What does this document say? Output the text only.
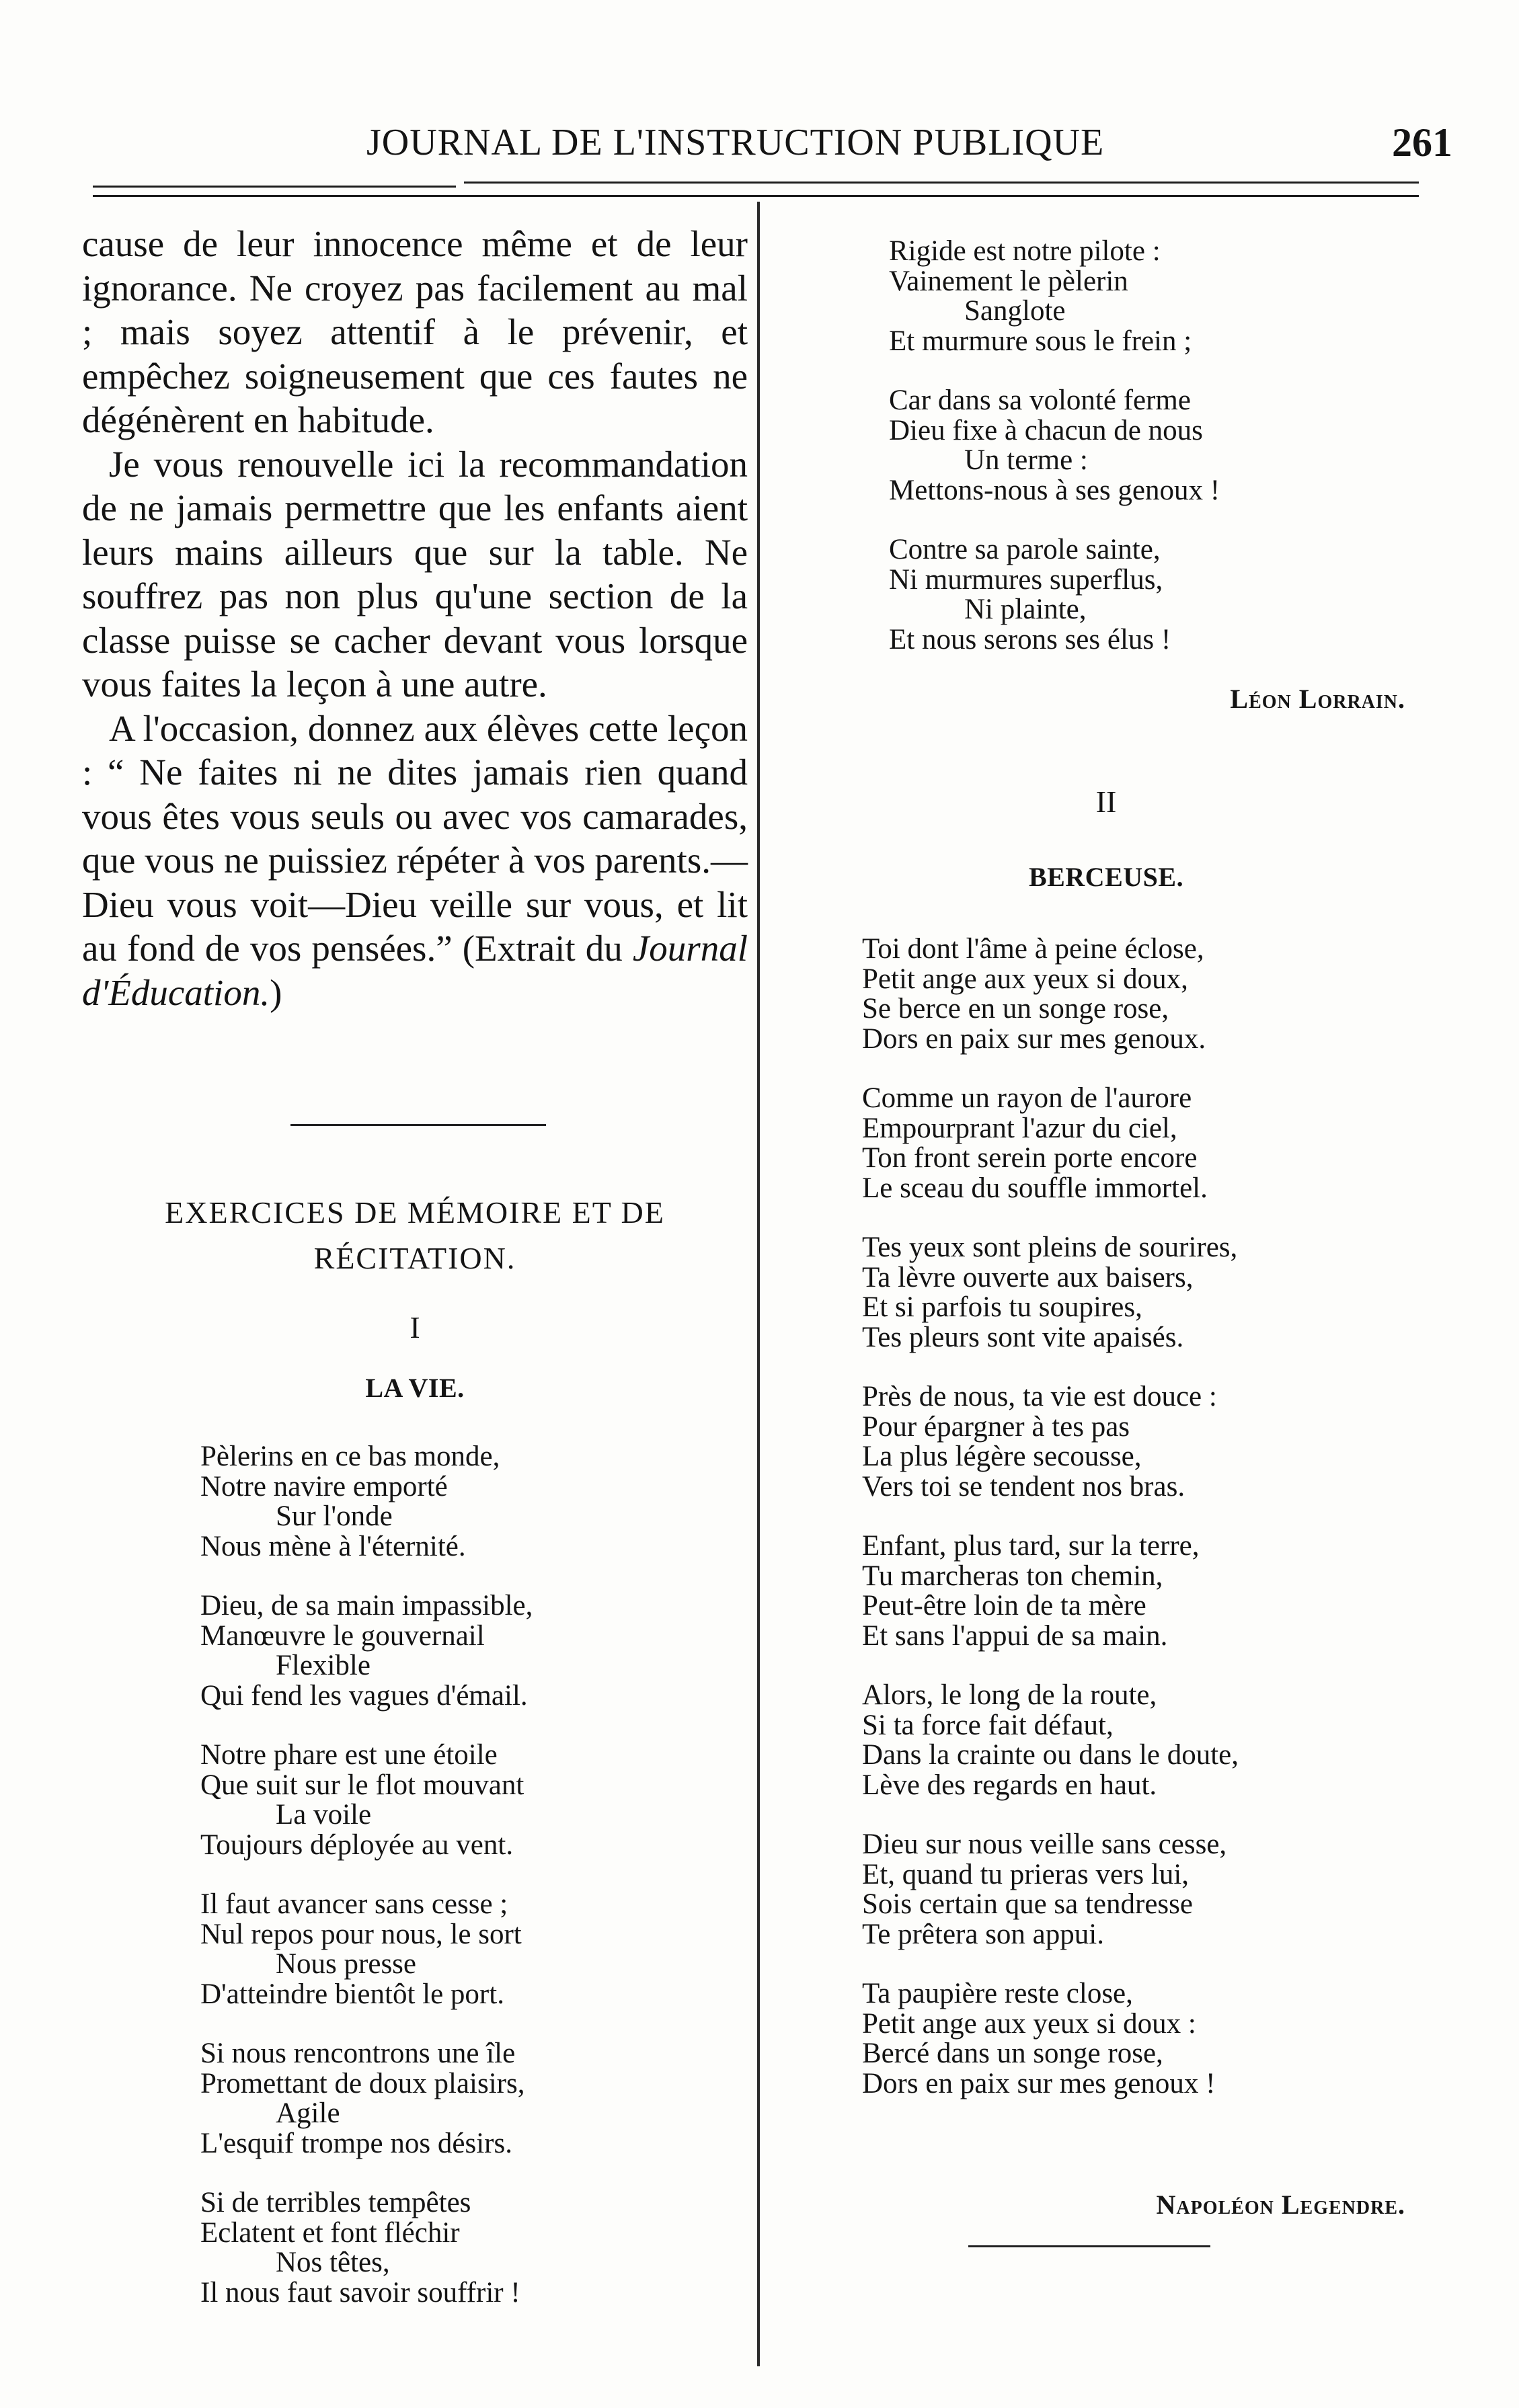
JOURNAL DE L'INSTRUCTION PUBLIQUE	261

cause de leur innocence même et de leur ignorance. Ne croyez pas facilement au mal ; mais soyez attentif à le prévenir, et empêchez soigneusement que ces fautes ne dégénèrent en habitude.

Je vous renouvelle ici la recommandation de ne jamais permettre que les enfants aient leurs mains ailleurs que sur la table. Ne souffrez pas non plus qu'une section de la classe puisse se cacher devant vous lorsque vous faites la leçon à une autre.

A l'occasion, donnez aux élèves cette leçon : “ Ne faites ni ne dites jamais rien quand vous êtes vous seuls ou avec vos camarades, que vous ne puissiez répéter à vos parents.—Dieu vous voit—Dieu veille sur vous, et lit au fond de vos pensées.” (Extrait du Journal d'Éducation.)

EXERCICES DE MÉMOIRE ET DE
RÉCITATION.
I
LA VIE.
Pèlerins en ce bas monde,
Notre navire emporté
Sur l'onde
Nous mène à l'éternité.
Dieu, de sa main impassible,
Manœuvre le gouvernail
Flexible
Qui fend les vagues d'émail.
Notre phare est une étoile
Que suit sur le flot mouvant
La voile
Toujours déployée au vent.
Il faut avancer sans cesse ;
Nul repos pour nous, le sort
Nous presse
D'atteindre bientôt le port.
Si nous rencontrons une île
Promettant de doux plaisirs,
Agile
L'esquif trompe nos désirs.
Si de terribles tempêtes
Eclatent et font fléchir
Nos têtes,
Il nous faut savoir souffrir !
Rigide est notre pilote :
Vainement le pèlerin
Sanglote
Et murmure sous le frein ;
Car dans sa volonté ferme
Dieu fixe à chacun de nous
Un terme :
Mettons-nous à ses genoux !
Contre sa parole sainte,
Ni murmures superflus,
Ni plainte,
Et nous serons ses élus !
Léon Lorrain.
II
BERCEUSE.
Toi dont l'âme à peine éclose,
Petit ange aux yeux si doux,
Se berce en un songe rose,
Dors en paix sur mes genoux.
Comme un rayon de l'aurore
Empourprant l'azur du ciel,
Ton front serein porte encore
Le sceau du souffle immortel.
Tes yeux sont pleins de sourires,
Ta lèvre ouverte aux baisers,
Et si parfois tu soupires,
Tes pleurs sont vite apaisés.
Près de nous, ta vie est douce :
Pour épargner à tes pas
La plus légère secousse,
Vers toi se tendent nos bras.
Enfant, plus tard, sur la terre,
Tu marcheras ton chemin,
Peut-être loin de ta mère
Et sans l'appui de sa main.
Alors, le long de la route,
Si ta force fait défaut,
Dans la crainte ou dans le doute,
Lève des regards en haut.
Dieu sur nous veille sans cesse,
Et, quand tu prieras vers lui,
Sois certain que sa tendresse
Te prêtera son appui.
Ta paupière reste close,
Petit ange aux yeux si doux :
Bercé dans un songe rose,
Dors en paix sur mes genoux !
Napoléon Legendre.
